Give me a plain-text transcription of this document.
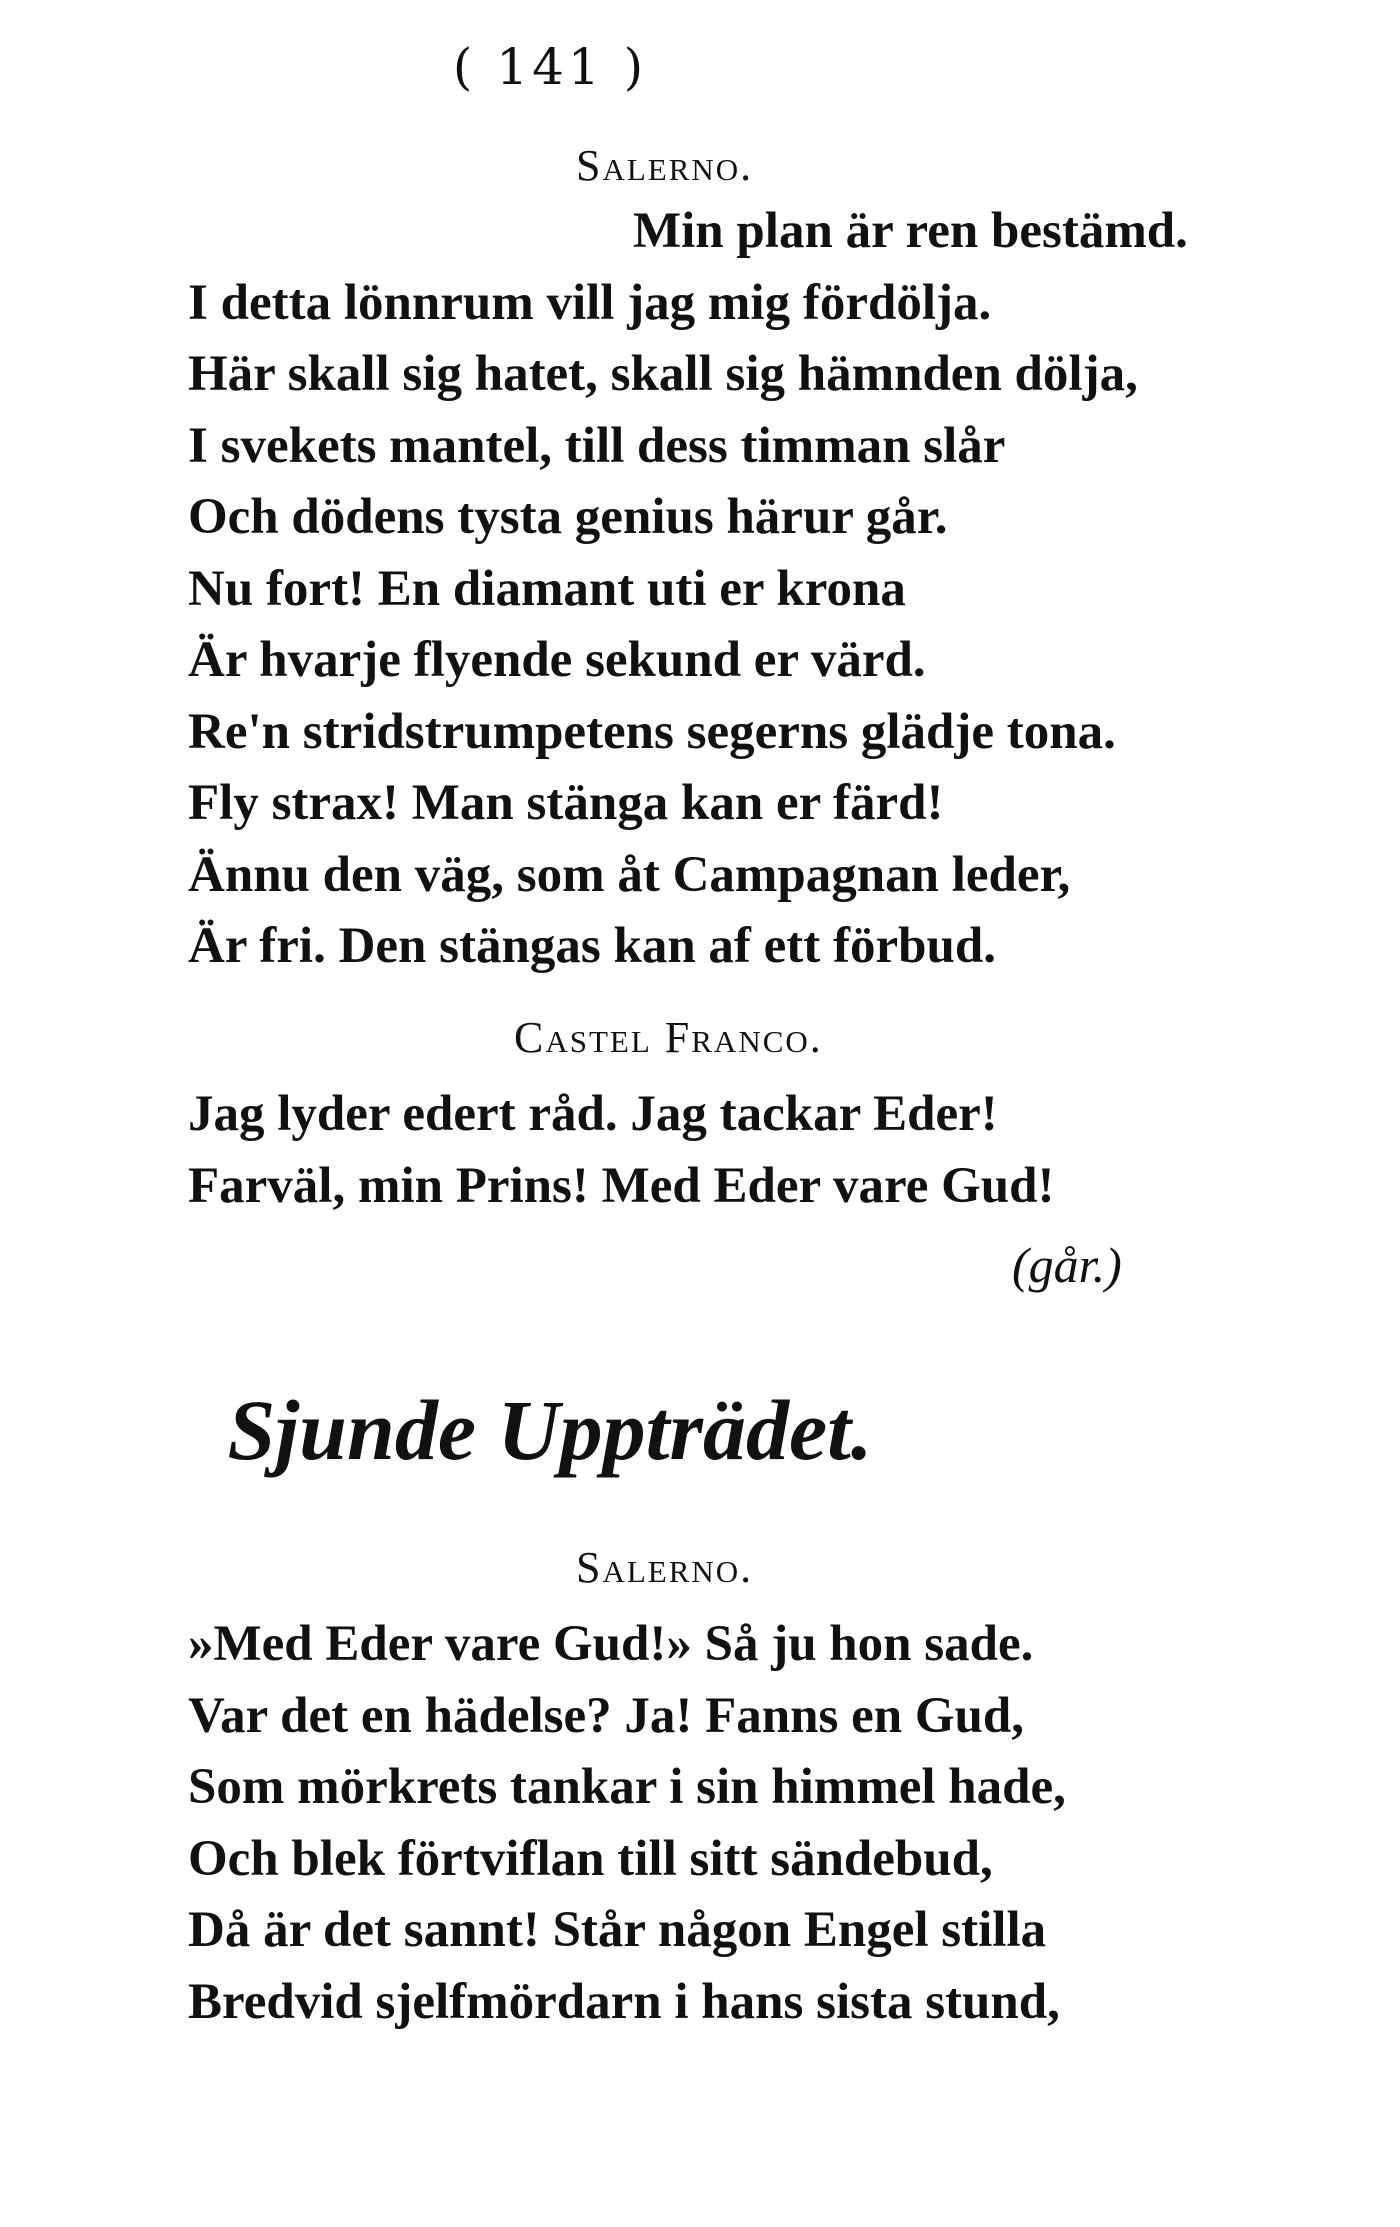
( 141 )
Salerno.
Min plan är ren bestämd.
I detta lönnrum vill jag mig fördölja.
Här skall sig hatet, skall sig hämnden dölja,
I svekets mantel, till dess timman slår
Och dödens tysta genius härur går.
Nu fort! En diamant uti er krona
Är hvarje flyende sekund er värd.
Re'n stridstrumpetens segerns glädje tona.
Fly strax! Man stänga kan er färd!
Ännu den väg, som åt Campagnan leder,
Är fri. Den stängas kan af ett förbud.
Castel Franco.
Jag lyder edert råd. Jag tackar Eder!
Farväl, min Prins! Med Eder vare Gud!
(går.)
Sjunde Uppträdet.
Salerno.
»Med Eder vare Gud!» Så ju hon sade.
Var det en hädelse? Ja! Fanns en Gud,
Som mörkrets tankar i sin himmel hade,
Och blek förtviflan till sitt sändebud,
Då är det sannt! Står någon Engel stilla
Bredvid sjelfmördarn i hans sista stund,
